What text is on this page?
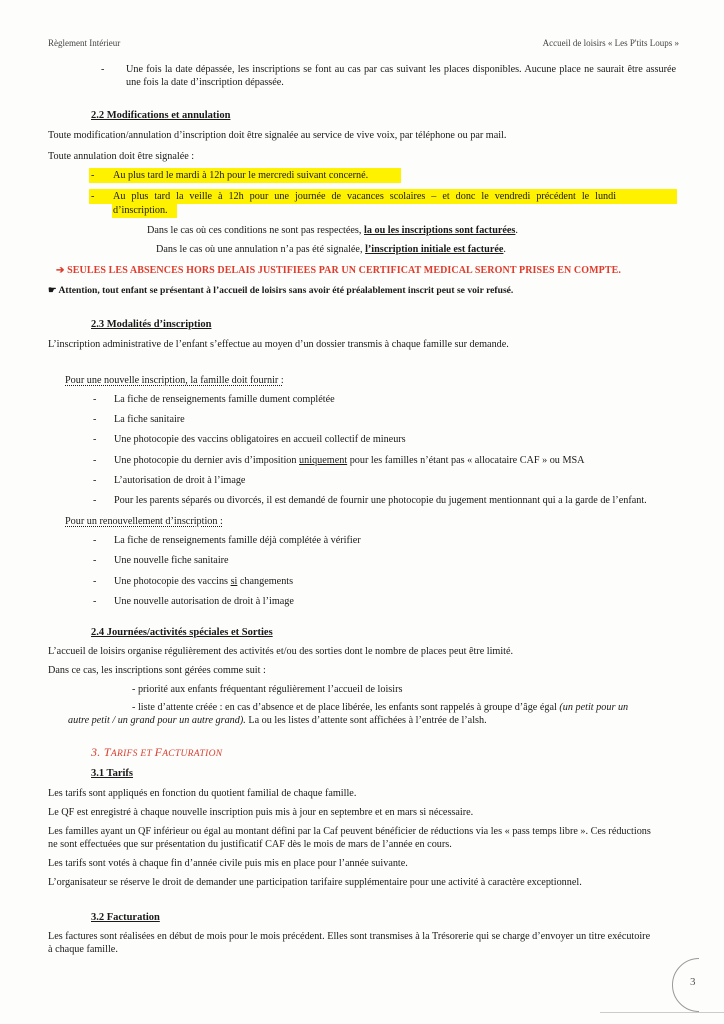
Règlement Intérieur	Accueil de loisirs « Les P'tits Loups »
- Une fois la date dépassée, les inscriptions se font au cas par cas suivant les places disponibles. Aucune place ne saurait être assurée une fois la date d’inscription dépassée.
2.2 Modifications et annulation
Toute modification/annulation d’inscription doit être signalée au service de vive voix, par téléphone ou par mail.
Toute annulation doit être signalée :
- Au plus tard le mardi à 12h pour le mercredi suivant concerné.
- Au plus tard la veille à 12h pour une journée de vacances scolaires – et donc le vendredi précédent le lundi
d’inscription.
Dans le cas où ces conditions ne sont pas respectées, la ou les inscriptions sont facturées.
Dans le cas où une annulation n’a pas été signalée, l’inscription initiale est facturée.
➔ SEULES LES ABSENCES HORS DELAIS JUSTIFIEES PAR UN CERTIFICAT MEDICAL SERONT PRISES EN COMPTE.
☛ Attention, tout enfant se présentant à l’accueil de loisirs sans avoir été préalablement inscrit peut se voir refusé.
2.3 Modalités d’inscription
L’inscription administrative de l’enfant s’effectue au moyen d’un dossier transmis à chaque famille sur demande.
Pour une nouvelle inscription, la famille doit fournir :
- La fiche de renseignements famille dument complétée
- La fiche sanitaire
- Une photocopie des vaccins obligatoires en accueil collectif de mineurs
- Une photocopie du dernier avis d’imposition uniquement pour les familles n’étant pas « allocataire CAF » ou MSA
- L’autorisation de droit à l’image
- Pour les parents séparés ou divorcés, il est demandé de fournir une photocopie du jugement mentionnant qui a la garde de l’enfant.
Pour un renouvellement d’inscription :
- La fiche de renseignements famille déjà complétée à vérifier
- Une nouvelle fiche sanitaire
- Une photocopie des vaccins si changements
- Une nouvelle autorisation de droit à l’image
2.4 Journées/activités spéciales et Sorties
L’accueil de loisirs organise régulièrement des activités et/ou des sorties dont le nombre de places peut être limité.
Dans ce cas, les inscriptions sont gérées comme suit :
- priorité aux enfants fréquentant régulièrement l’accueil de loisirs
- liste d’attente créée : en cas d’absence et de place libérée, les enfants sont rappelés à groupe d’âge égal (un petit pour un
autre petit / un grand pour un autre grand). La ou les listes d’attente sont affichées à l’entrée de l’alsh.
3. TARIFS ET FACTURATION
3.1 Tarifs
Les tarifs sont appliqués en fonction du quotient familial de chaque famille.
Le QF est enregistré à chaque nouvelle inscription puis mis à jour en septembre et en mars si nécessaire.
Les familles ayant un QF inférieur ou égal au montant défini par la Caf peuvent bénéficier de réductions via les « pass temps libre ». Ces réductions
ne sont effectuées que sur présentation du justificatif CAF dès le mois de mars de l’année en cours.
Les tarifs sont votés à chaque fin d’année civile puis mis en place pour l’année suivante.
L’organisateur se réserve le droit de demander une participation tarifaire supplémentaire pour une activité à caractère exceptionnel.
3.2 Facturation
Les factures sont réalisées en début de mois pour le mois précédent. Elles sont transmises à la Trésorerie qui se charge d’envoyer un titre exécutoire
à chaque famille.
3
